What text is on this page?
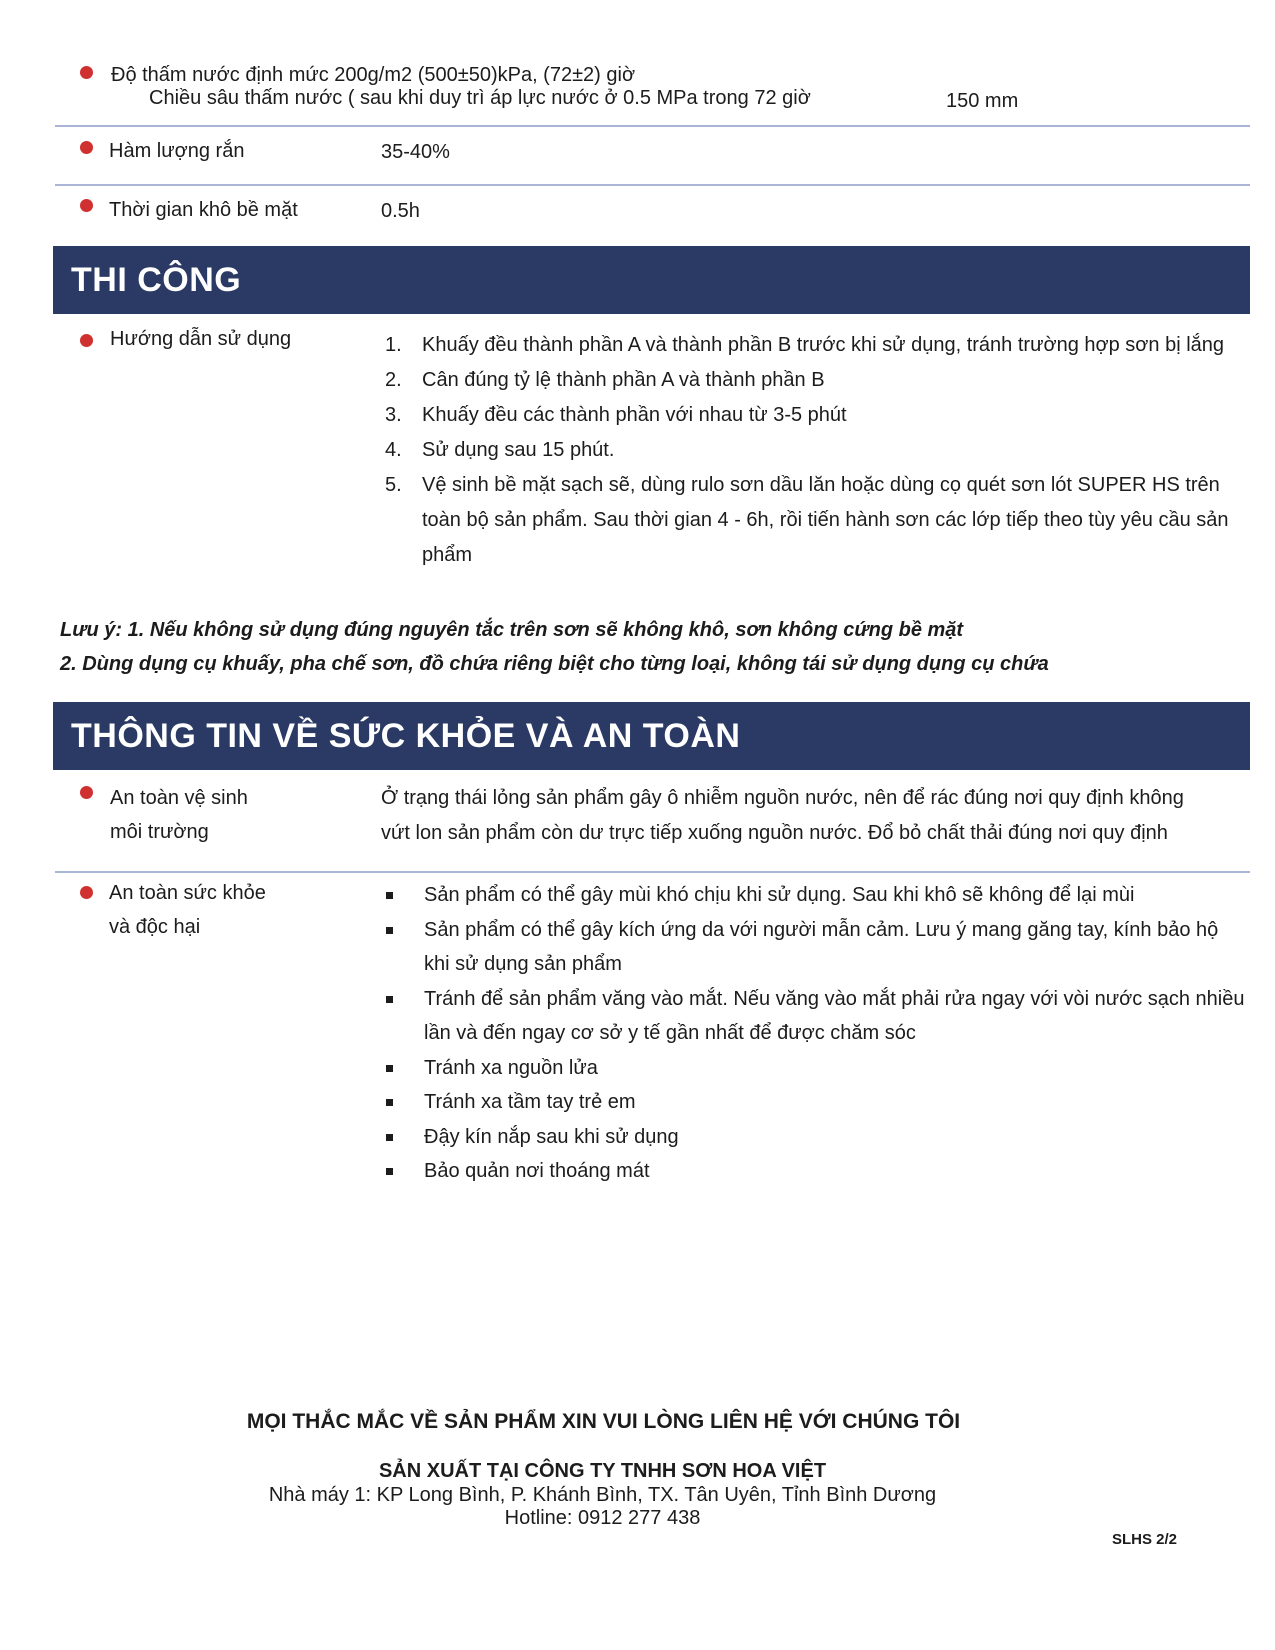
Độ thấm nước định mức 200g/m2 (500±50)kPa, (72±2) giờ
Chiều sâu thấm nước ( sau khi duy trì áp lực nước ở 0.5 MPa trong 72 giờ	150 mm
Hàm lượng rắn	35-40%
Thời gian khô bề mặt	0.5h
THI CÔNG
Hướng dẫn sử dụng	1.	Khuấy đều thành phần A và thành phần B trước khi sử dụng, tránh trường hợp sơn bị lắng
2.	Cân đúng tỷ lệ thành phần A và thành phần B
3.	Khuấy đều các thành phần với nhau từ 3-5 phút
4.	Sử dụng sau 15 phút.
5.	Vệ sinh bề mặt sạch sẽ, dùng rulo sơn dầu lăn hoặc dùng cọ quét sơn lót SUPER HS trên toàn bộ sản phẩm. Sau thời gian 4 - 6h, rồi tiến hành sơn các lớp tiếp theo tùy yêu cầu sản phẩm
Lưu ý: 1. Nếu không sử dụng đúng nguyên tắc trên sơn sẽ không khô, sơn không cứng bề mặt
2. Dùng dụng cụ khuấy, pha chế sơn, đồ chứa riêng biệt cho từng loại, không tái sử dụng dụng cụ chứa
THÔNG TIN VỀ SỨC KHỎE VÀ AN TOÀN
An toàn vệ sinh
môi trường
Ở trạng thái lỏng sản phẩm gây ô nhiễm nguồn nước, nên để rác đúng nơi quy định không vứt lon sản phẩm còn dư trực tiếp xuống nguồn nước. Đổ bỏ chất thải đúng nơi quy định
An toàn sức khỏe
và độc hại
Sản phẩm có thể gây mùi khó chịu khi sử dụng. Sau khi khô sẽ không để lại mùi
Sản phẩm có thể gây kích ứng da với người mẫn cảm. Lưu ý mang găng tay, kính bảo hộ khi sử dụng sản phẩm
Tránh để sản phẩm văng vào mắt. Nếu văng vào mắt phải rửa ngay với vòi nước sạch nhiều lần và đến ngay cơ sở y tế gần nhất để được chăm sóc
Tránh xa nguồn lửa
Tránh xa tầm tay trẻ em
Đậy kín nắp sau khi sử dụng
Bảo quản nơi thoáng mát
MỌI THẮC MẮC VỀ SẢN PHẨM XIN VUI LÒNG LIÊN HỆ VỚI CHÚNG TÔI
SẢN XUẤT TẠI CÔNG TY TNHH SƠN HOA VIỆT
Nhà máy 1: KP Long Bình, P. Khánh Bình, TX. Tân Uyên, Tỉnh Bình Dương
Hotline: 0912 277 438
SLHS 2/2
